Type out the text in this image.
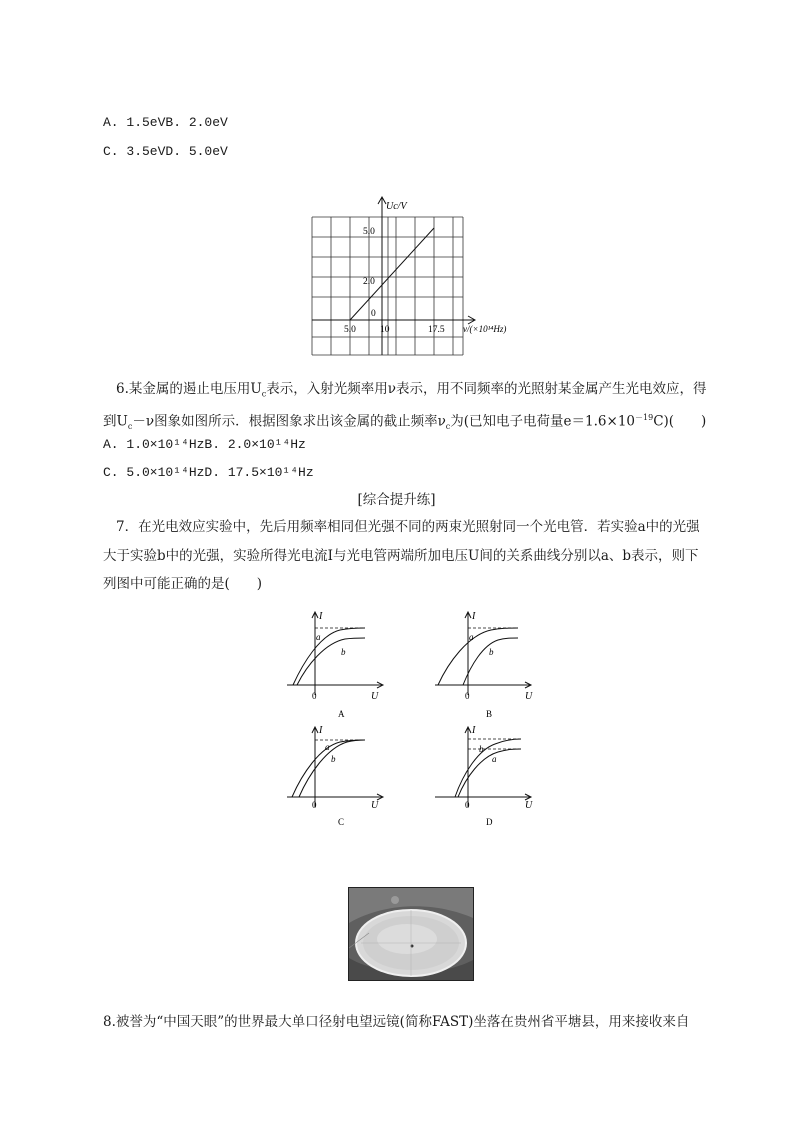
A. 1.5eVB. 2.0eV
C. 3.5eVD. 5.0eV
Uc/V
5.0
2.0
0
5.0	10	17.5 ν/(×10¹⁴Hz)
6.某金属的遏止电压用$U_c$表示，入射光频率用ν表示，用不同频率的光照射某金属产生光电效应，得
到$U_c-\nu$图象如图所示．根据图象求出该金属的截止频率$\nu_c$为(已知电子电荷量$e=1.6\times 10^{-19}C$)(　　)
A. 1.0×10¹⁴HzB. 2.0×10¹⁴Hz
C. 5.0×10¹⁴HzD. 17.5×10¹⁴Hz
[综合提升练]
7．在光电效应实验中，先后用频率相同但光强不同的两束光照射同一个光电管．若实验a中的光强
大于实验b中的光强，实验所得光电流I与光电管两端所加电压U间的关系曲线分别以a、b表示，则下
列图中可能正确的是(　　)
I
a
b
0	U
A
I
a
b
0	U
B
I
a
b
0	U
C
I
b
a
0	U
D
8.被誉为“中国天眼”的世界最大单口径射电望远镜(简称FAST)坐落在贵州省平塘县，用来接收来自
